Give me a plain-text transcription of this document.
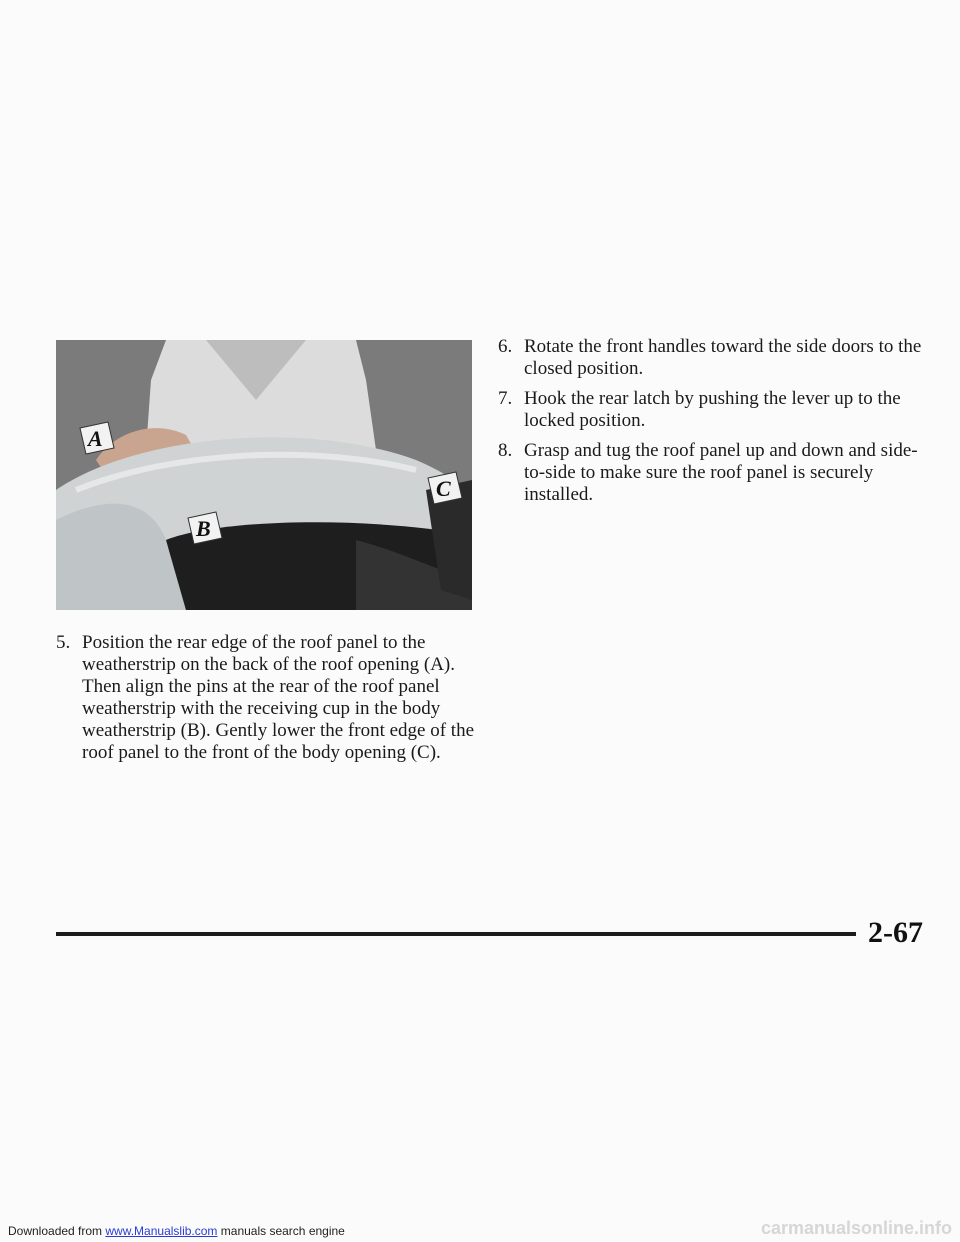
A
B
C
6. Rotate the front handles toward the side doors to the closed position.
7. Hook the rear latch by pushing the lever up to the locked position.
8. Grasp and tug the roof panel up and down and side-to-side to make sure the roof panel is securely installed.
5. Position the rear edge of the roof panel to the weatherstrip on the back of the roof opening (A). Then align the pins at the rear of the roof panel weatherstrip with the receiving cup in the body weatherstrip (B). Gently lower the front edge of the roof panel to the front of the body opening (C).
2-67
Downloaded from www.Manualslib.com manuals search engine	carmanualsonline.info
